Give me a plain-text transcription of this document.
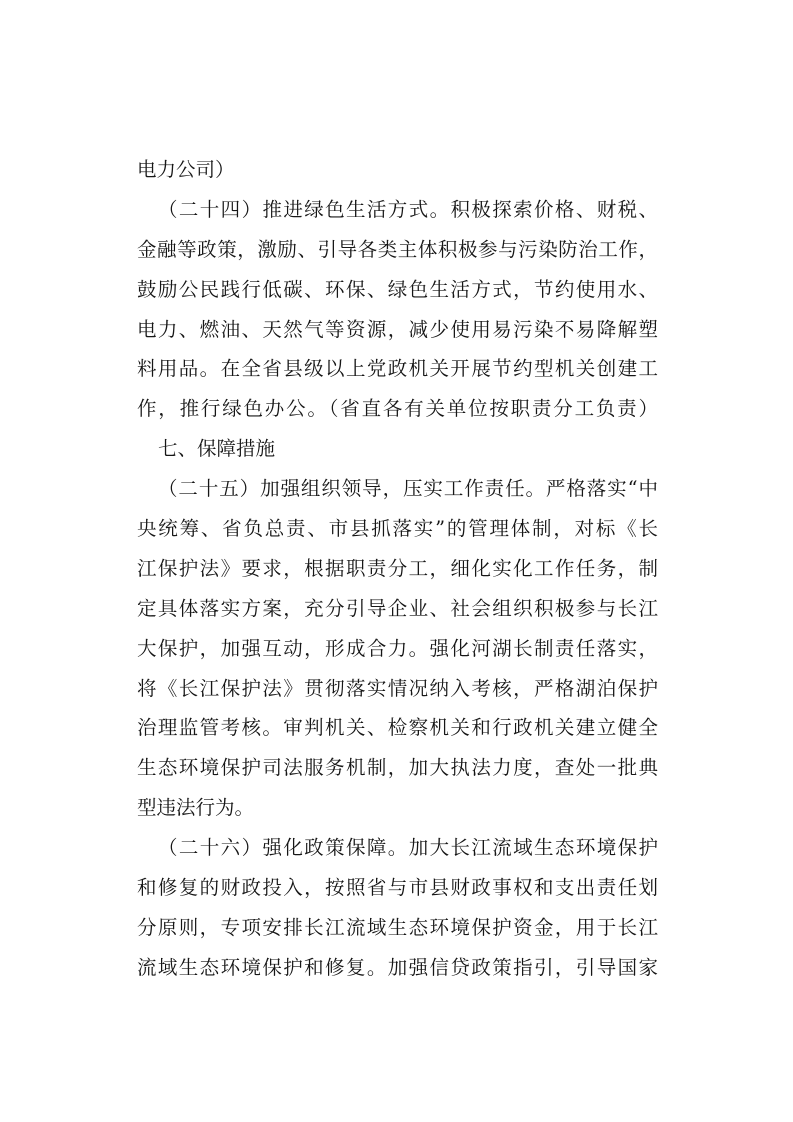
电力公司）
（二十四）推进绿色生活方式。积极探索价格、财税、
金融等政策，激励、引导各类主体积极参与污染防治工作，
鼓励公民践行低碳、环保、绿色生活方式，节约使用水、
电力、燃油、天然气等资源，减少使用易污染不易降解塑
料用品。在全省县级以上党政机关开展节约型机关创建工
作，推行绿色办公。（省直各有关单位按职责分工负责）
七、保障措施
（二十五）加强组织领导，压实工作责任。严格落实“中
央统筹、省负总责、市县抓落实”的管理体制，对标《长
江保护法》要求，根据职责分工，细化实化工作任务，制
定具体落实方案，充分引导企业、社会组织积极参与长江
大保护，加强互动，形成合力。强化河湖长制责任落实，
将《长江保护法》贯彻落实情况纳入考核，严格湖泊保护
治理监管考核。审判机关、检察机关和行政机关建立健全
生态环境保护司法服务机制，加大执法力度，查处一批典
型违法行为。
（二十六）强化政策保障。加大长江流域生态环境保护
和修复的财政投入，按照省与市县财政事权和支出责任划
分原则，专项安排长江流域生态环境保护资金，用于长江
流域生态环境保护和修复。加强信贷政策指引，引导国家
